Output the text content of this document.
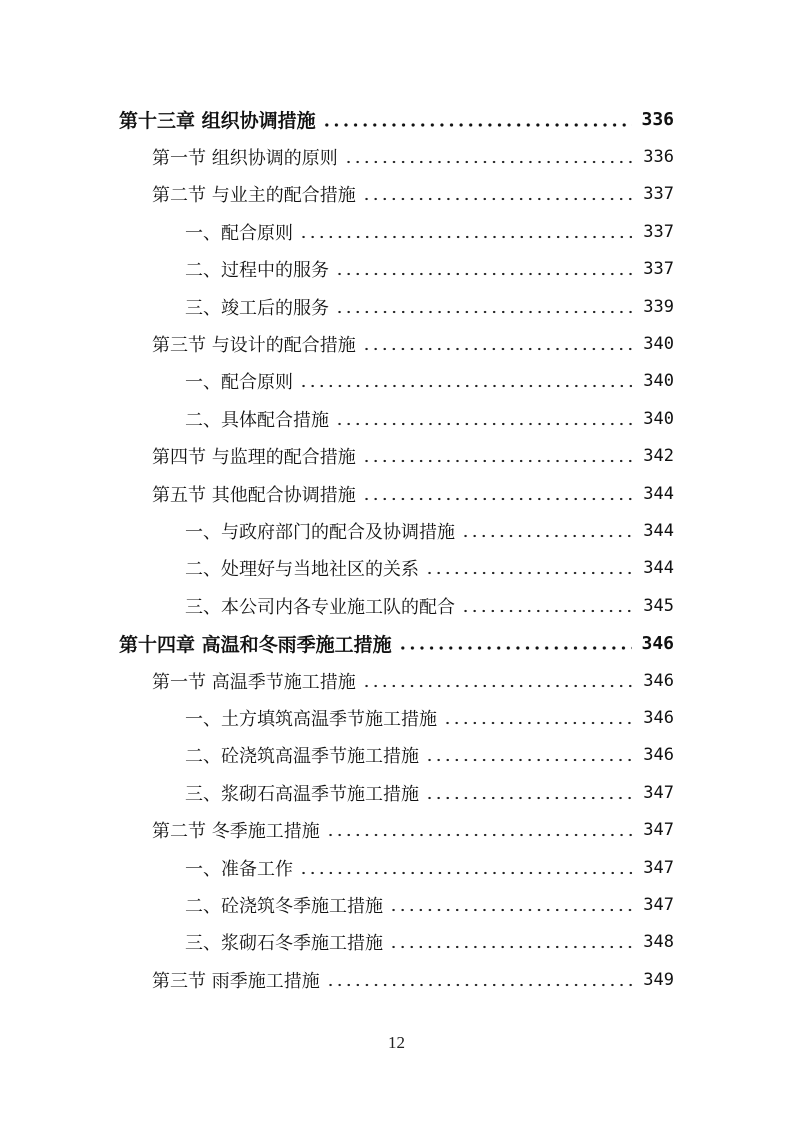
第十三章 组织协调措施	336
第一节 组织协调的原则	336
第二节 与业主的配合措施	337
一、配合原则	337
二、过程中的服务	337
三、竣工后的服务	339
第三节 与设计的配合措施	340
一、配合原则	340
二、具体配合措施	340
第四节 与监理的配合措施	342
第五节 其他配合协调措施	344
一、与政府部门的配合及协调措施	344
二、处理好与当地社区的关系	344
三、本公司内各专业施工队的配合	345
第十四章 高温和冬雨季施工措施	346
第一节 高温季节施工措施	346
一、土方填筑高温季节施工措施	346
二、砼浇筑高温季节施工措施	346
三、浆砌石高温季节施工措施	347
第二节 冬季施工措施	347
一、准备工作	347
二、砼浇筑冬季施工措施	347
三、浆砌石冬季施工措施	348
第三节 雨季施工措施	349
12
